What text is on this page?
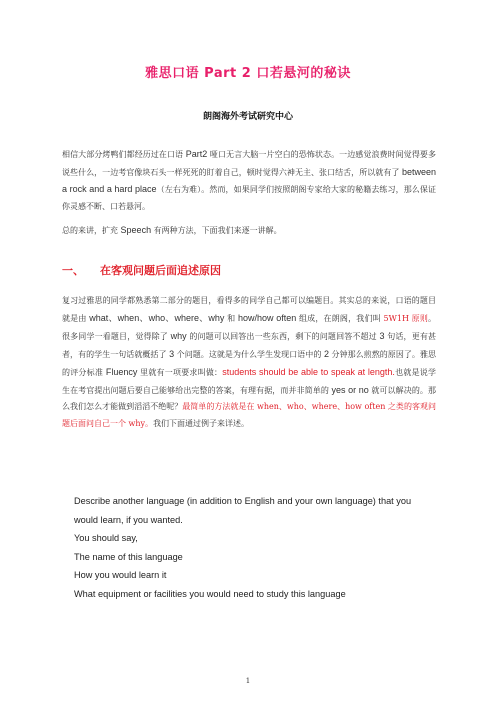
雅思口语 Part 2 口若悬河的秘诀
朗阁海外考试研究中心
相信大部分烤鸭们都经历过在口语 Part2 哑口无言大脑一片空白的恐怖状态。一边感觉浪费时间觉得要多说些什么，一边考官像块石头一样死死的盯着自己，顿时觉得六神无主、张口结舌，所以就有了 between a rock and a hard place（左右为难）。然而，如果同学们按照朗阁专家给大家的秘籍去练习，那么保证你灵感不断、口若悬河。
总的来讲，扩充 Speech 有两种方法，下面我们来逐一讲解。
一、 在客观问题后面追述原因
复习过雅思的同学都熟悉第二部分的题目，看得多的同学自己都可以编题目。其实总的来说，口语的题目就是由 what、when、who、where、why 和 how/how often 组成，在朗阁，我们叫 5W1H 原则。很多同学一看题目，觉得除了 why 的问题可以回答出一些东西，剩下的问题回答不超过 3 句话，更有甚者，有的学生一句话就概括了 3 个问题。这就是为什么学生发现口语中的 2 分钟那么煎熬的原因了。雅思的评分标准 Fluency 里就有一项要求叫做：students should be able to speak at length.也就是说学生在考官提出问题后要自己能够给出完整的答案，有理有据，而并非简单的 yes or no 就可以解决的。那么我们怎么才能做到滔滔不绝呢？最简单的方法就是在 when、who、where、how often 之类的客观问题后面问自己一个 why。我们下面通过例子来详述。
Describe another language (in addition to English and your own language) that you would learn, if you wanted.
You should say,
The name of this language
How you would learn it
What equipment or facilities you would need to study this language
1
